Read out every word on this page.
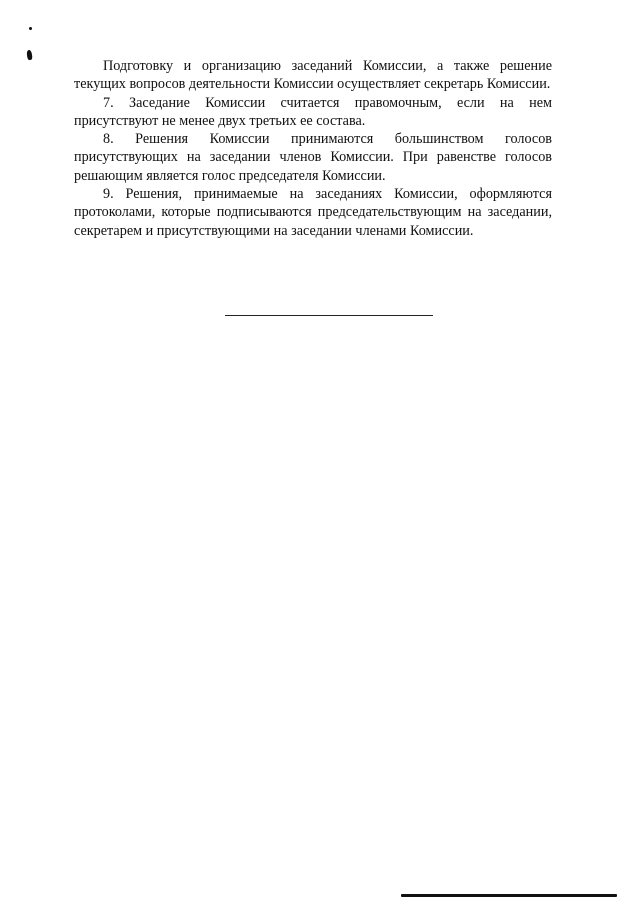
Подготовку и организацию заседаний Комиссии, а также решение текущих вопросов деятельности Комиссии осуществляет секретарь Комиссии.

7. Заседание Комиссии считается правомочным, если на нем присутствуют не менее двух третьих ее состава.

8. Решения Комиссии принимаются большинством голосов присутствующих на заседании членов Комиссии. При равенстве голосов решающим является голос председателя Комиссии.

9. Решения, принимаемые на заседаниях Комиссии, оформляются протоколами, которые подписываются председательствующим на заседании, секретарем и присутствующими на заседании членами Комиссии.
